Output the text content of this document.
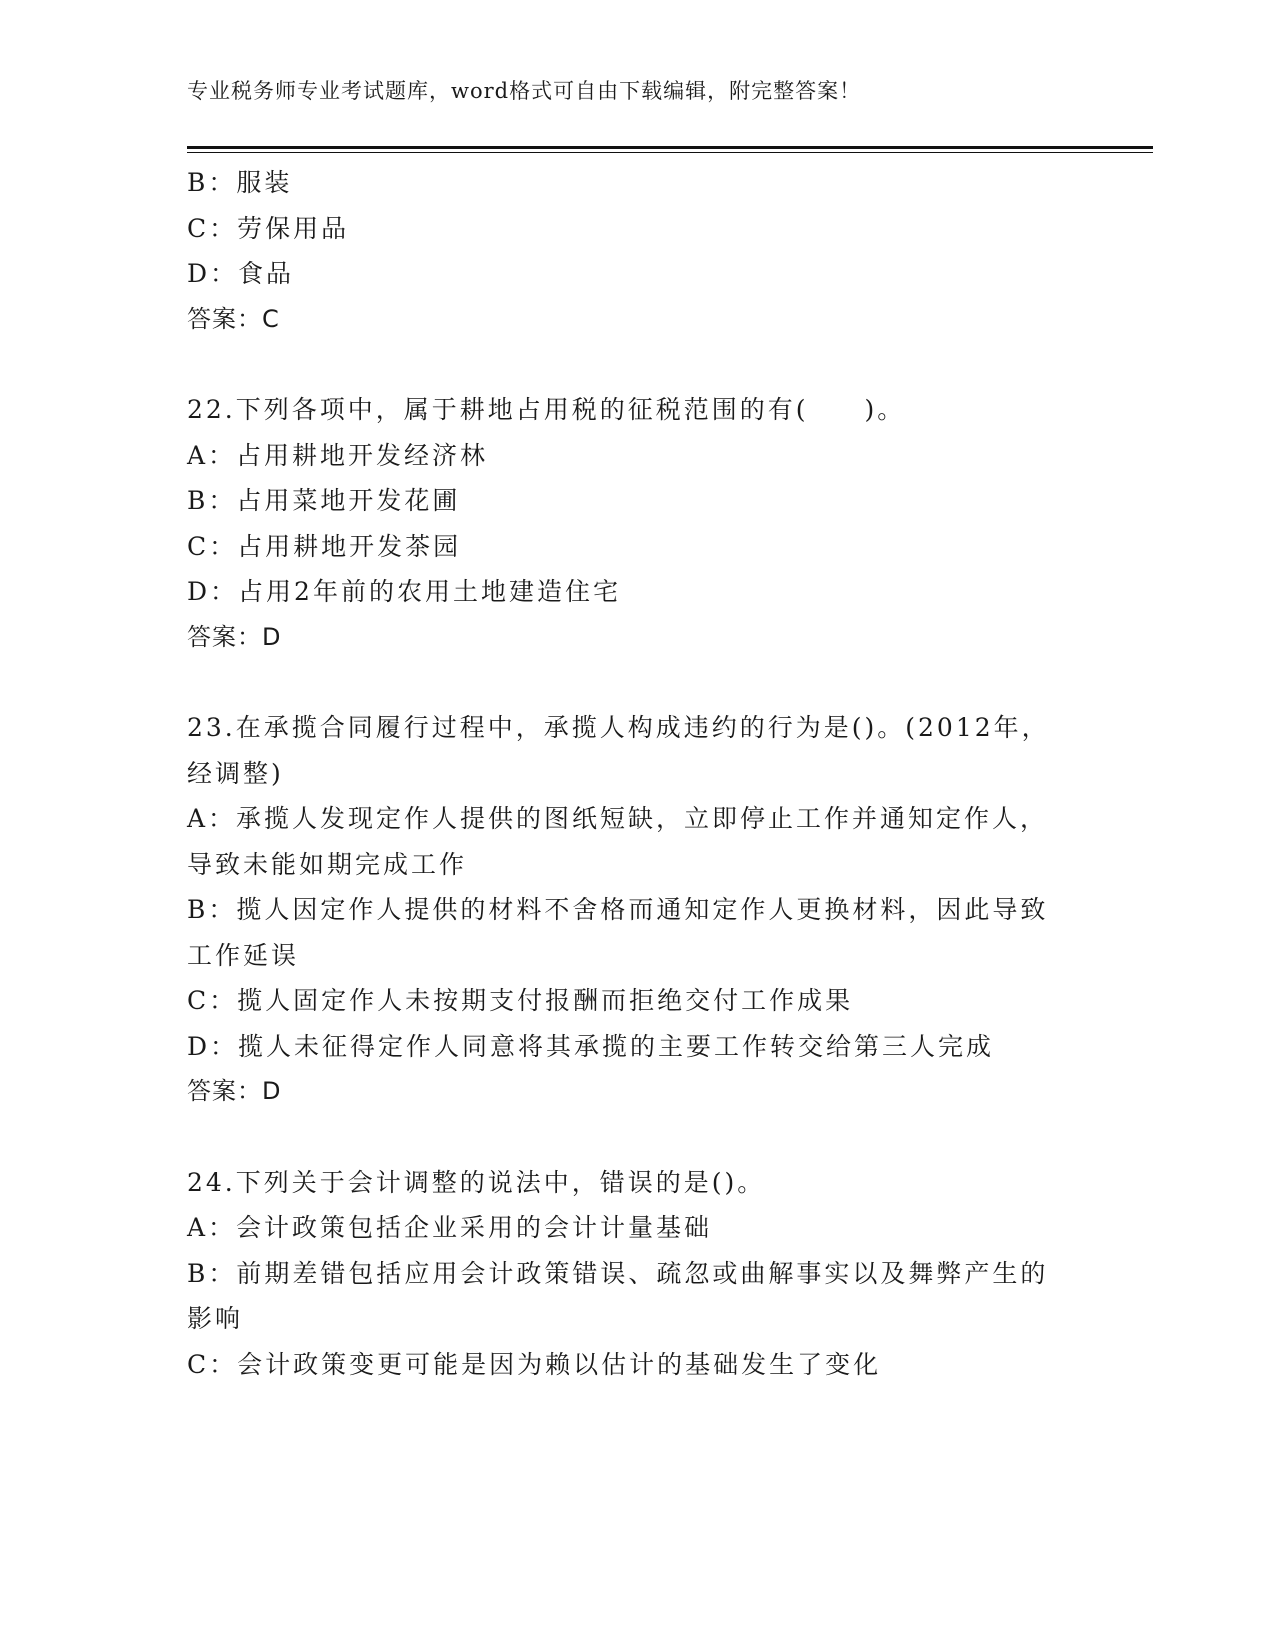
专业税务师专业考试题库，word格式可自由下载编辑，附完整答案！
B：服装
C：劳保用品
D：食品
答案：C
22.下列各项中，属于耕地占用税的征税范围的有(　　)。
A：占用耕地开发经济林
B：占用菜地开发花圃
C：占用耕地开发茶园
D：占用2年前的农用土地建造住宅
答案：D
23.在承揽合同履行过程中，承揽人构成违约的行为是()。(2012年，
经调整)
A：承揽人发现定作人提供的图纸短缺，立即停止工作并通知定作人，
导致未能如期完成工作
B：揽人因定作人提供的材料不舍格而通知定作人更换材料，因此导致
工作延误
C：揽人固定作人未按期支付报酬而拒绝交付工作成果
D：揽人未征得定作人同意将其承揽的主要工作转交给第三人完成
答案：D
24.下列关于会计调整的说法中，错误的是()。
A：会计政策包括企业采用的会计计量基础
B：前期差错包括应用会计政策错误、疏忽或曲解事实以及舞弊产生的
影响
C：会计政策变更可能是因为赖以估计的基础发生了变化
